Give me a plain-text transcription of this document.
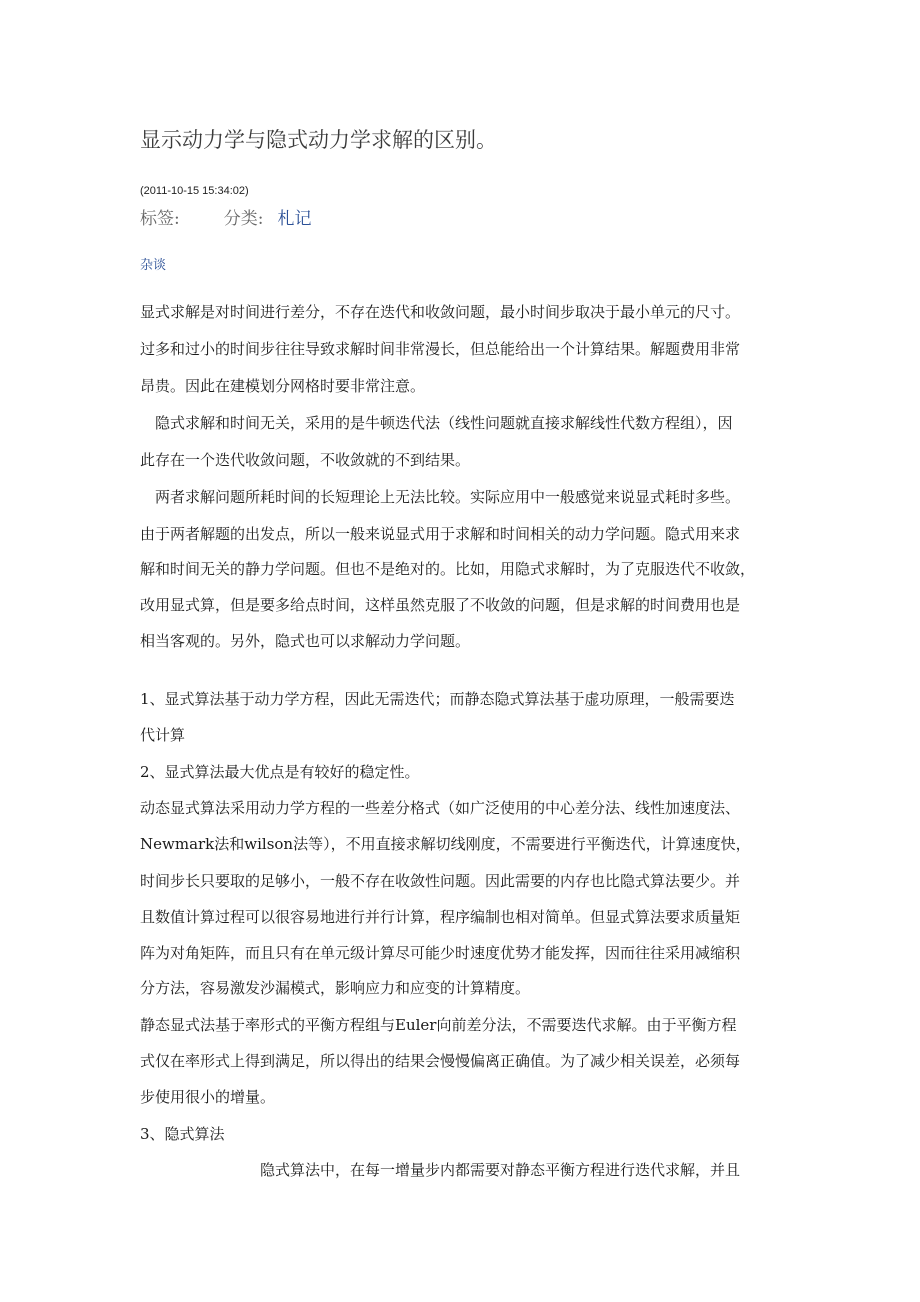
显示动力学与隐式动力学求解的区别。
(2011-10-15 15:34:02)
标签:	分类: 札记
杂谈
显式求解是对时间进行差分，不存在迭代和收敛问题，最小时间步取决于最小单元的尺寸。
过多和过小的时间步往往导致求解时间非常漫长，但总能给出一个计算结果。解题费用非常
昂贵。因此在建模划分网格时要非常注意。
　隐式求解和时间无关，采用的是牛顿迭代法（线性问题就直接求解线性代数方程组），因
此存在一个迭代收敛问题，不收敛就的不到结果。
　两者求解问题所耗时间的长短理论上无法比较。实际应用中一般感觉来说显式耗时多些。
由于两者解题的出发点，所以一般来说显式用于求解和时间相关的动力学问题。隐式用来求
解和时间无关的静力学问题。但也不是绝对的。比如，用隐式求解时，为了克服迭代不收敛，
改用显式算，但是要多给点时间，这样虽然克服了不收敛的问题，但是求解的时间费用也是
相当客观的。另外，隐式也可以求解动力学问题。
1、显式算法基于动力学方程，因此无需迭代；而静态隐式算法基于虚功原理，一般需要迭
代计算
2、显式算法最大优点是有较好的稳定性。
动态显式算法采用动力学方程的一些差分格式（如广泛使用的中心差分法、线性加速度法、
Newmark法和wilson法等），不用直接求解切线刚度，不需要进行平衡迭代，计算速度快，
时间步长只要取的足够小，一般不存在收敛性问题。因此需要的内存也比隐式算法要少。并
且数值计算过程可以很容易地进行并行计算，程序编制也相对简单。但显式算法要求质量矩
阵为对角矩阵，而且只有在单元级计算尽可能少时速度优势才能发挥，因而往往采用减缩积
分方法，容易激发沙漏模式，影响应力和应变的计算精度。
静态显式法基于率形式的平衡方程组与Euler向前差分法，不需要迭代求解。由于平衡方程
式仅在率形式上得到满足，所以得出的结果会慢慢偏离正确值。为了减少相关误差，必须每
步使用很小的增量。
3、隐式算法
　　　　　　　　隐式算法中，在每一增量步内都需要对静态平衡方程进行迭代求解，并且
